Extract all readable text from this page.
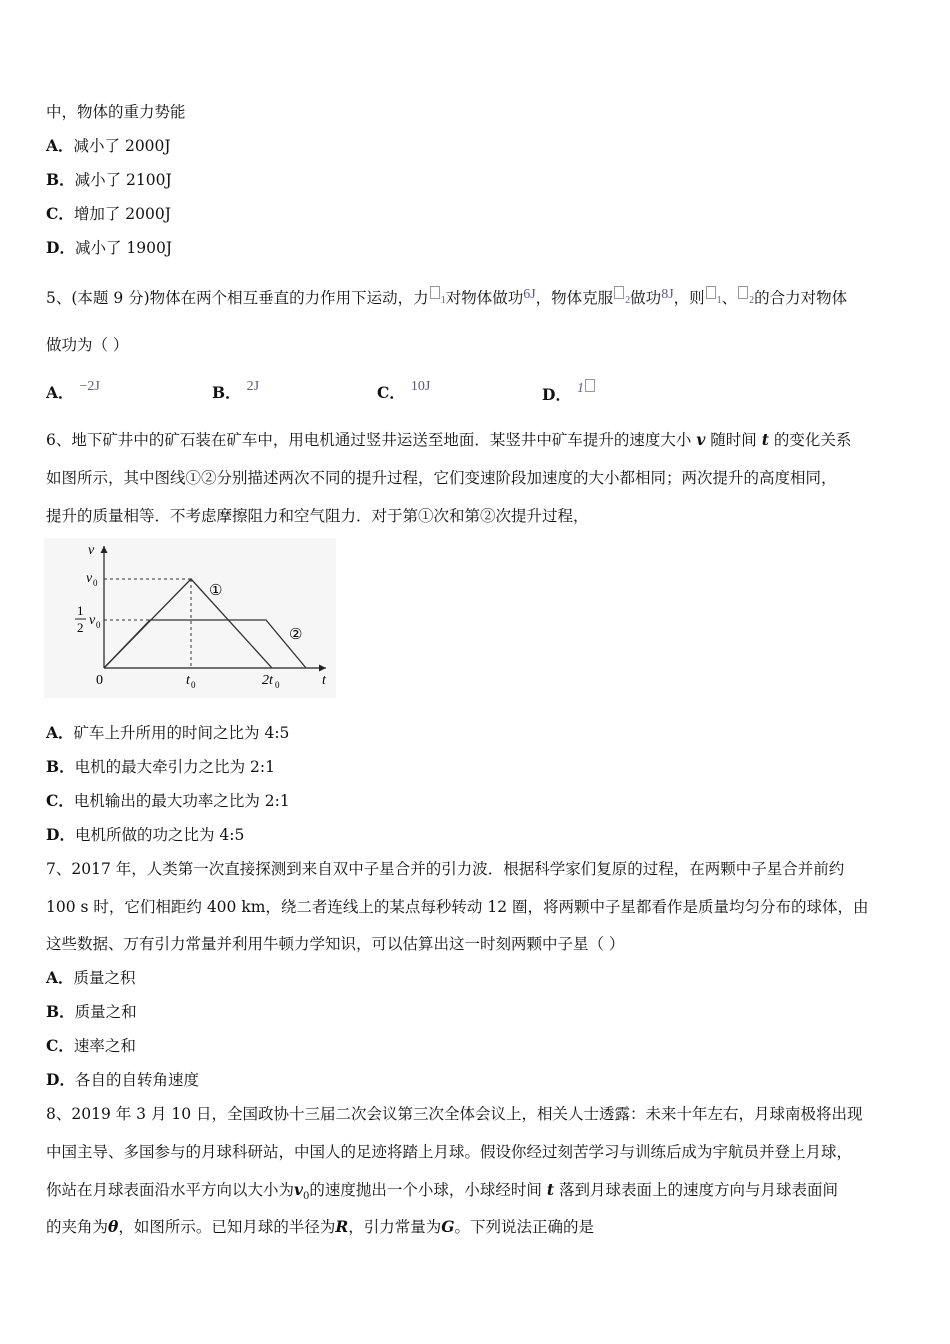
中，物体的重力势能
A．减小了 2000J
B．减小了 2100J
C．增加了 2000J
D．减小了 1900J
5、(本题 9 分)物体在两个相互垂直的力作用下运动，力 1对物体做功6J，物体克服 2做功8J，则 1、 2的合力对物体
做功为（ ）
A． −2J	B． 2J	C． 10J	D． 1
6、地下矿井中的矿石装在矿车中，用电机通过竖井运送至地面．某竖井中矿车提升的速度大小 v 随时间 t 的变化关系
如图所示，其中图线①②分别描述两次不同的提升过程，它们变速阶段加速度的大小都相同；两次提升的高度相同，
提升的质量相等．不考虑摩擦阻力和空气阻力．对于第①次和第②次提升过程，
v
t
0
v 0
1
2 v 0
t 0	2t 0
①
②
A．矿车上升所用的时间之比为 4:5
B．电机的最大牵引力之比为 2:1
C．电机输出的最大功率之比为 2:1
D．电机所做的功之比为 4:5
7、2017 年，人类第一次直接探测到来自双中子星合并的引力波．根据科学家们复原的过程，在两颗中子星合并前约
100 s 时，它们相距约 400 km，绕二者连线上的某点每秒转动 12 圈，将两颗中子星都看作是质量均匀分布的球体，由
这些数据、万有引力常量并利用牛顿力学知识，可以估算出这一时刻两颗中子星（ ）
A．质量之积
B．质量之和
C．速率之和
D．各自的自转角速度
8、2019 年 3 月 10 日，全国政协十三届二次会议第三次全体会议上，相关人士透露：未来十年左右，月球南极将出现
中国主导、多国参与的月球科研站，中国人的足迹将踏上月球。假设你经过刻苦学习与训练后成为宇航员并登上月球，
你站在月球表面沿水平方向以大小为$v_0$的速度抛出一个小球，小球经时间 t 落到月球表面上的速度方向与月球表面间
的夹角为θ，如图所示。已知月球的半径为R，引力常量为G。下列说法正确的是
